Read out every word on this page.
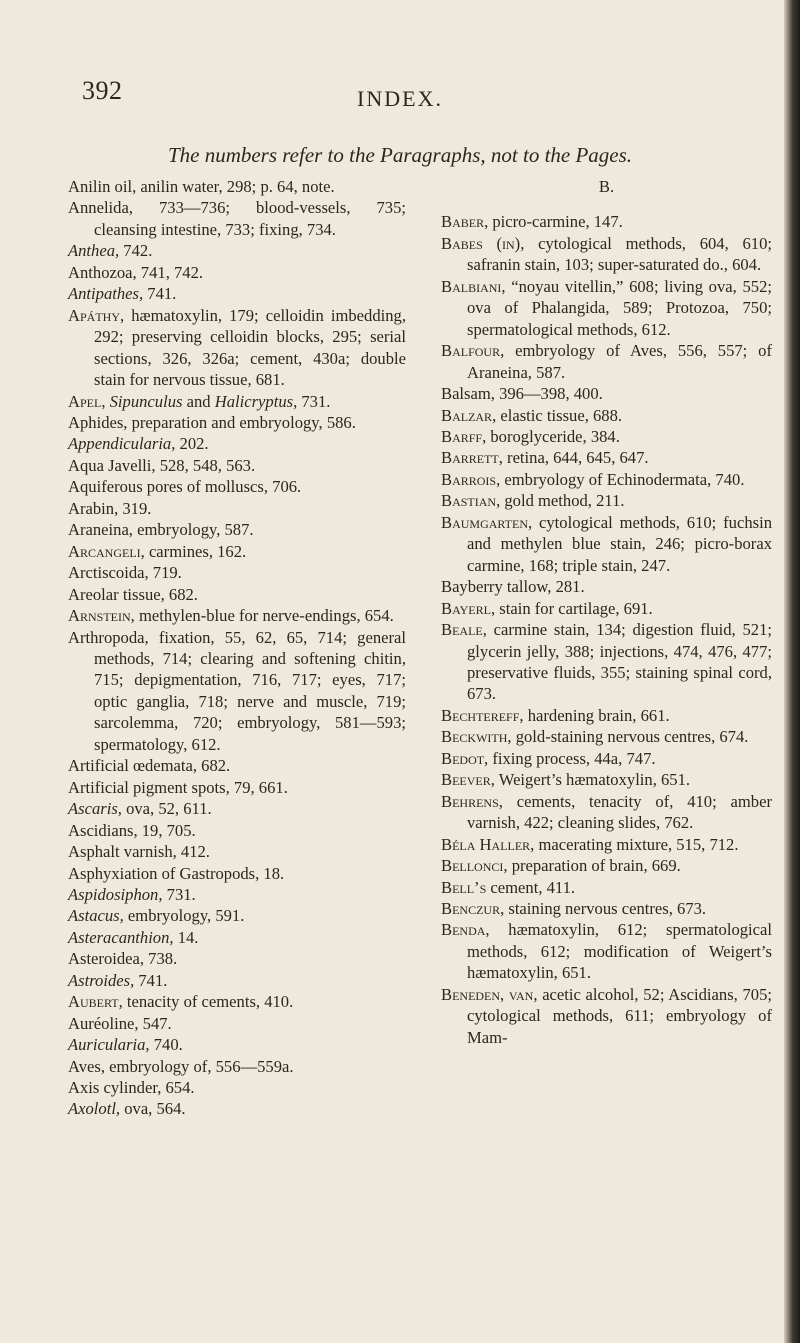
392	INDEX.
The numbers refer to the Paragraphs, not to the Pages.
Anilin oil, anilin water, 298; p. 64, note.
Annelida, 733—736; blood-vessels, 735; cleansing intestine, 733; fixing, 734.
Anthea, 742.
Anthozoa, 741, 742.
Antipathes, 741.
Apáthy, hæmatoxylin, 179; celloidin imbedding, 292; preserving celloidin blocks, 295; serial sections, 326, 326a; cement, 430a; double stain for nervous tissue, 681.
Apel, Sipunculus and Halicryptus, 731.
Aphides, preparation and embryology, 586.
Appendicularia, 202.
Aqua Javelli, 528, 548, 563.
Aquiferous pores of molluscs, 706.
Arabin, 319.
Araneina, embryology, 587.
Arcangeli, carmines, 162.
Arctiscoida, 719.
Areolar tissue, 682.
Arnstein, methylen-blue for nerve-endings, 654.
Arthropoda, fixation, 55, 62, 65, 714; general methods, 714; clearing and softening chitin, 715; depigmentation, 716, 717; eyes, 717; optic ganglia, 718; nerve and muscle, 719; sarcolemma, 720; embryology, 581—593; spermatology, 612.
Artificial œdemata, 682.
Artificial pigment spots, 79, 661.
Ascaris, ova, 52, 611.
Ascidians, 19, 705.
Asphalt varnish, 412.
Asphyxiation of Gastropods, 18.
Aspidosiphon, 731.
Astacus, embryology, 591.
Asteracanthion, 14.
Asteroidea, 738.
Astroides, 741.
Aubert, tenacity of cements, 410.
Auréoline, 547.
Auricularia, 740.
Aves, embryology of, 556—559a.
Axis cylinder, 654.
Axolotl, ova, 564.
B.
Baber, picro-carmine, 147.
Babes (in), cytological methods, 604, 610; safranin stain, 103; super-saturated do., 604.
Balbiani, “noyau vitellin,” 608; living ova, 552; ova of Phalangida, 589; Protozoa, 750; spermatological methods, 612.
Balfour, embryology of Aves, 556, 557; of Araneina, 587.
Balsam, 396—398, 400.
Balzar, elastic tissue, 688.
Barff, boroglyceride, 384.
Barrett, retina, 644, 645, 647.
Barrois, embryology of Echinodermata, 740.
Bastian, gold method, 211.
Baumgarten, cytological methods, 610; fuchsin and methylen blue stain, 246; picro-borax carmine, 168; triple stain, 247.
Bayberry tallow, 281.
Bayerl, stain for cartilage, 691.
Beale, carmine stain, 134; digestion fluid, 521; glycerin jelly, 388; injections, 474, 476, 477; preservative fluids, 355; staining spinal cord, 673.
Bechtereff, hardening brain, 661.
Beckwith, gold-staining nervous centres, 674.
Bedot, fixing process, 44a, 747.
Beever, Weigert’s hæmatoxylin, 651.
Behrens, cements, tenacity of, 410; amber varnish, 422; cleaning slides, 762.
Béla Haller, macerating mixture, 515, 712.
Bellonci, preparation of brain, 669.
Bell’s cement, 411.
Benczur, staining nervous centres, 673.
Benda, hæmatoxylin, 612; spermatological methods, 612; modification of Weigert’s hæmatoxylin, 651.
Beneden, van, acetic alcohol, 52; Ascidians, 705; cytological methods, 611; embryology of Mam-
